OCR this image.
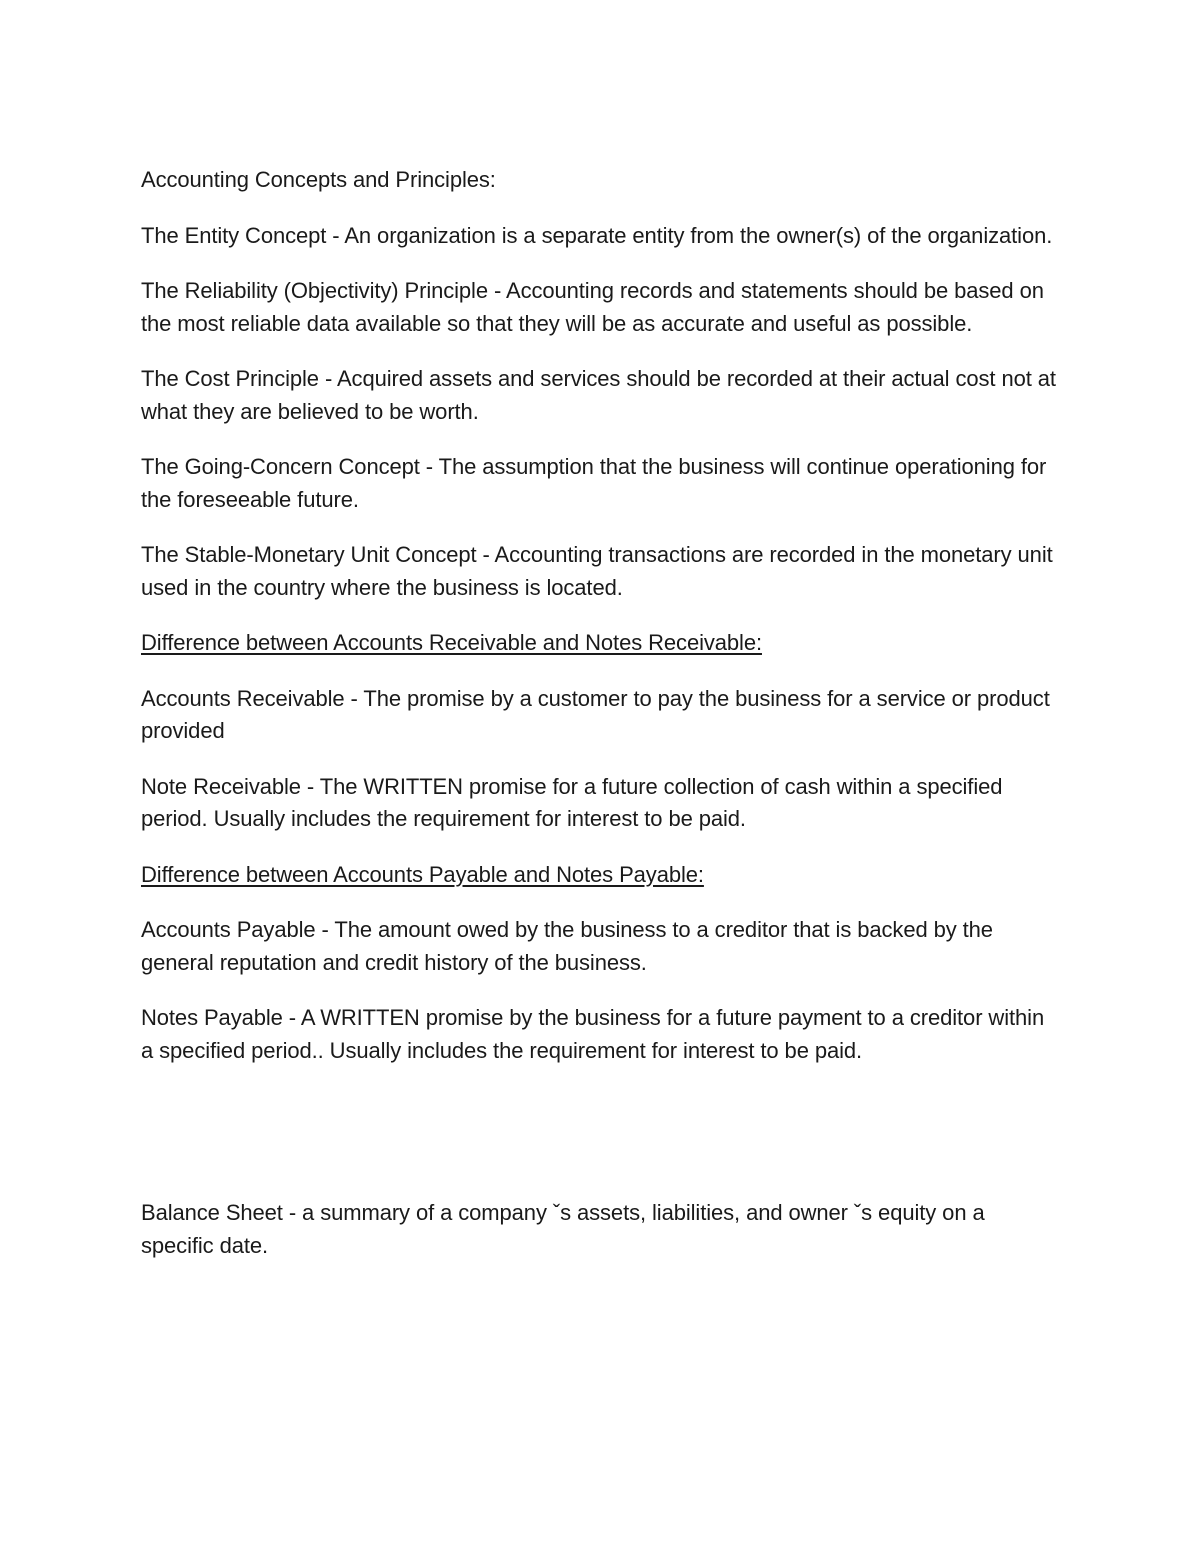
Accounting Concepts and Principles:

The Entity Concept - An organization is a separate entity from the owner(s) of the organization.

The Reliability (Objectivity) Principle - Accounting records and statements should be based on the most reliable data available so that they will be as accurate and useful as possible.

The Cost Principle - Acquired assets and services should be recorded at their actual cost not at what they are believed to be worth.

The Going-Concern Concept - The assumption that the business will continue operationing for the foreseeable future.

The Stable-Monetary Unit Concept - Accounting transactions are recorded in the monetary unit used in the country where the business is located.

Difference between Accounts Receivable and Notes Receivable:

Accounts Receivable - The promise by a customer to pay the business for a service or product provided

Note Receivable - The WRITTEN promise for a future collection of cash within a specified period. Usually includes the requirement for interest to be paid.

Difference between Accounts Payable and Notes Payable:

Accounts Payable - The amount owed by the business to a creditor that is backed by the general reputation and credit history of the business.

Notes Payable - A WRITTEN promise by the business for a future payment to a creditor within a specified period.. Usually includes the requirement for interest to be paid.

Balance Sheet - a summary of a company ˇs assets, liabilities, and owner ˇs equity on a specific date.
